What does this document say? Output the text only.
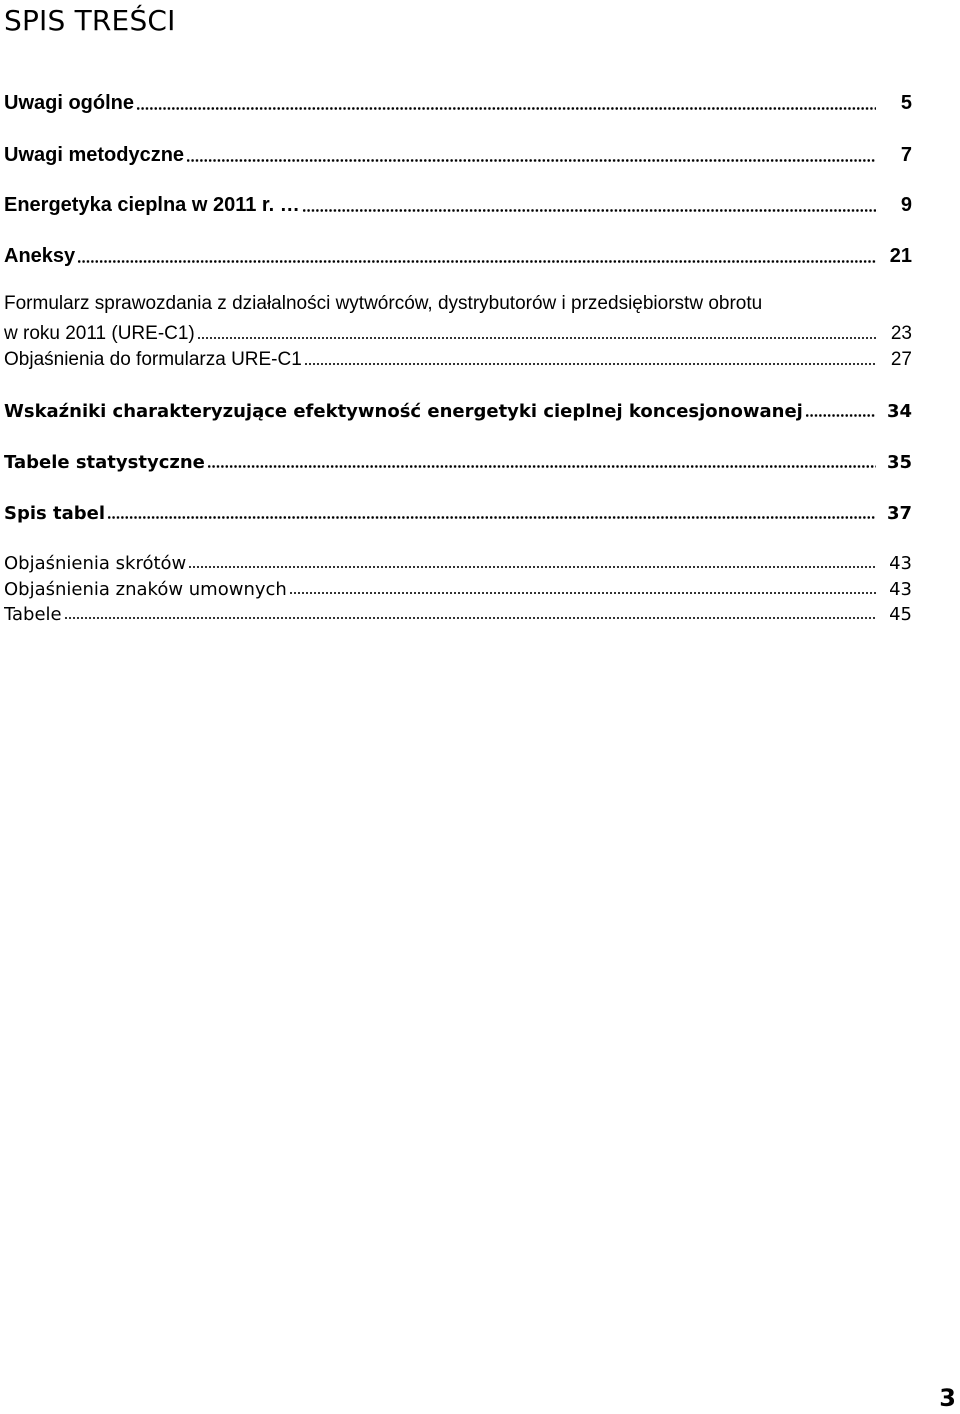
SPIS TREŚCI
Uwagi ogólne	5
Uwagi metodyczne	7
Energetyka cieplna w 2011 r. …	9
Aneksy	21
Formularz sprawozdania z działalności wytwórców, dystrybutorów i przedsiębiorstw obrotu
w roku 2011 (URE-C1)	23
Objaśnienia do formularza URE-C1	27
Wskaźniki charakteryzujące efektywność energetyki cieplnej koncesjonowanej	34
Tabele statystyczne	35
Spis tabel	37
Objaśnienia skrótów	43
Objaśnienia znaków umownych	43
Tabele	45
3
